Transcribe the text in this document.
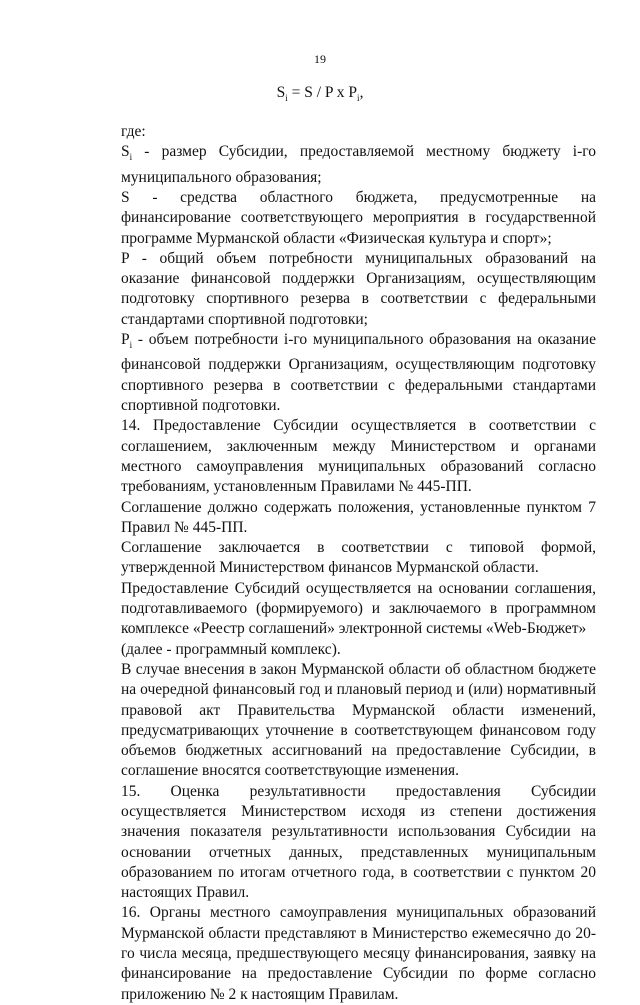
19
$S_i = S / P$ x $P_i$,

где:

$S_i$ - размер Субсидии, предоставляемой местному бюджету i-го муниципального образования;

S - средства областного бюджета, предусмотренные на финансирование соответствующего мероприятия в государственной программе Мурманской области «Физическая культура и спорт»;

P - общий объем потребности муниципальных образований на оказание финансовой поддержки Организациям, осуществляющим подготовку спортивного резерва в соответствии с федеральными стандартами спортивной подготовки;

$P_i$ - объем потребности i-го муниципального образования на оказание финансовой поддержки Организациям, осуществляющим подготовку спортивного резерва в соответствии с федеральными стандартами спортивной подготовки.

14. Предоставление Субсидии осуществляется в соответствии с соглашением, заключенным между Министерством и органами местного самоуправления муниципальных образований согласно требованиям, установленным Правилами № 445-ПП.

Соглашение должно содержать положения, установленные пунктом 7 Правил № 445-ПП.

Соглашение заключается в соответствии с типовой формой, утвержденной Министерством финансов Мурманской области.

Предоставление Субсидий осуществляется на основании соглашения, подготавливаемого (формируемого) и заключаемого в программном комплексе «Реестр соглашений» электронной системы «Web-Бюджет»

(далее - программный комплекс).

В случае внесения в закон Мурманской области об областном бюджете на очередной финансовый год и плановый период и (или) нормативный правовой акт Правительства Мурманской области изменений, предусматривающих уточнение в соответствующем финансовом году объемов бюджетных ассигнований на предоставление Субсидии, в соглашение вносятся соответствующие изменения.

15. Оценка результативности предоставления Субсидии осуществляется Министерством исходя из степени достижения значения показателя результативности использования Субсидии на основании отчетных данных, представленных муниципальным образованием по итогам отчетного года, в соответствии с пунктом 20 настоящих Правил.

16. Органы местного самоуправления муниципальных образований Мурманской области представляют в Министерство ежемесячно до 20-го числа месяца, предшествующего месяцу финансирования, заявку на финансирование на предоставление Субсидии по форме согласно приложению № 2 к настоящим Правилам.
